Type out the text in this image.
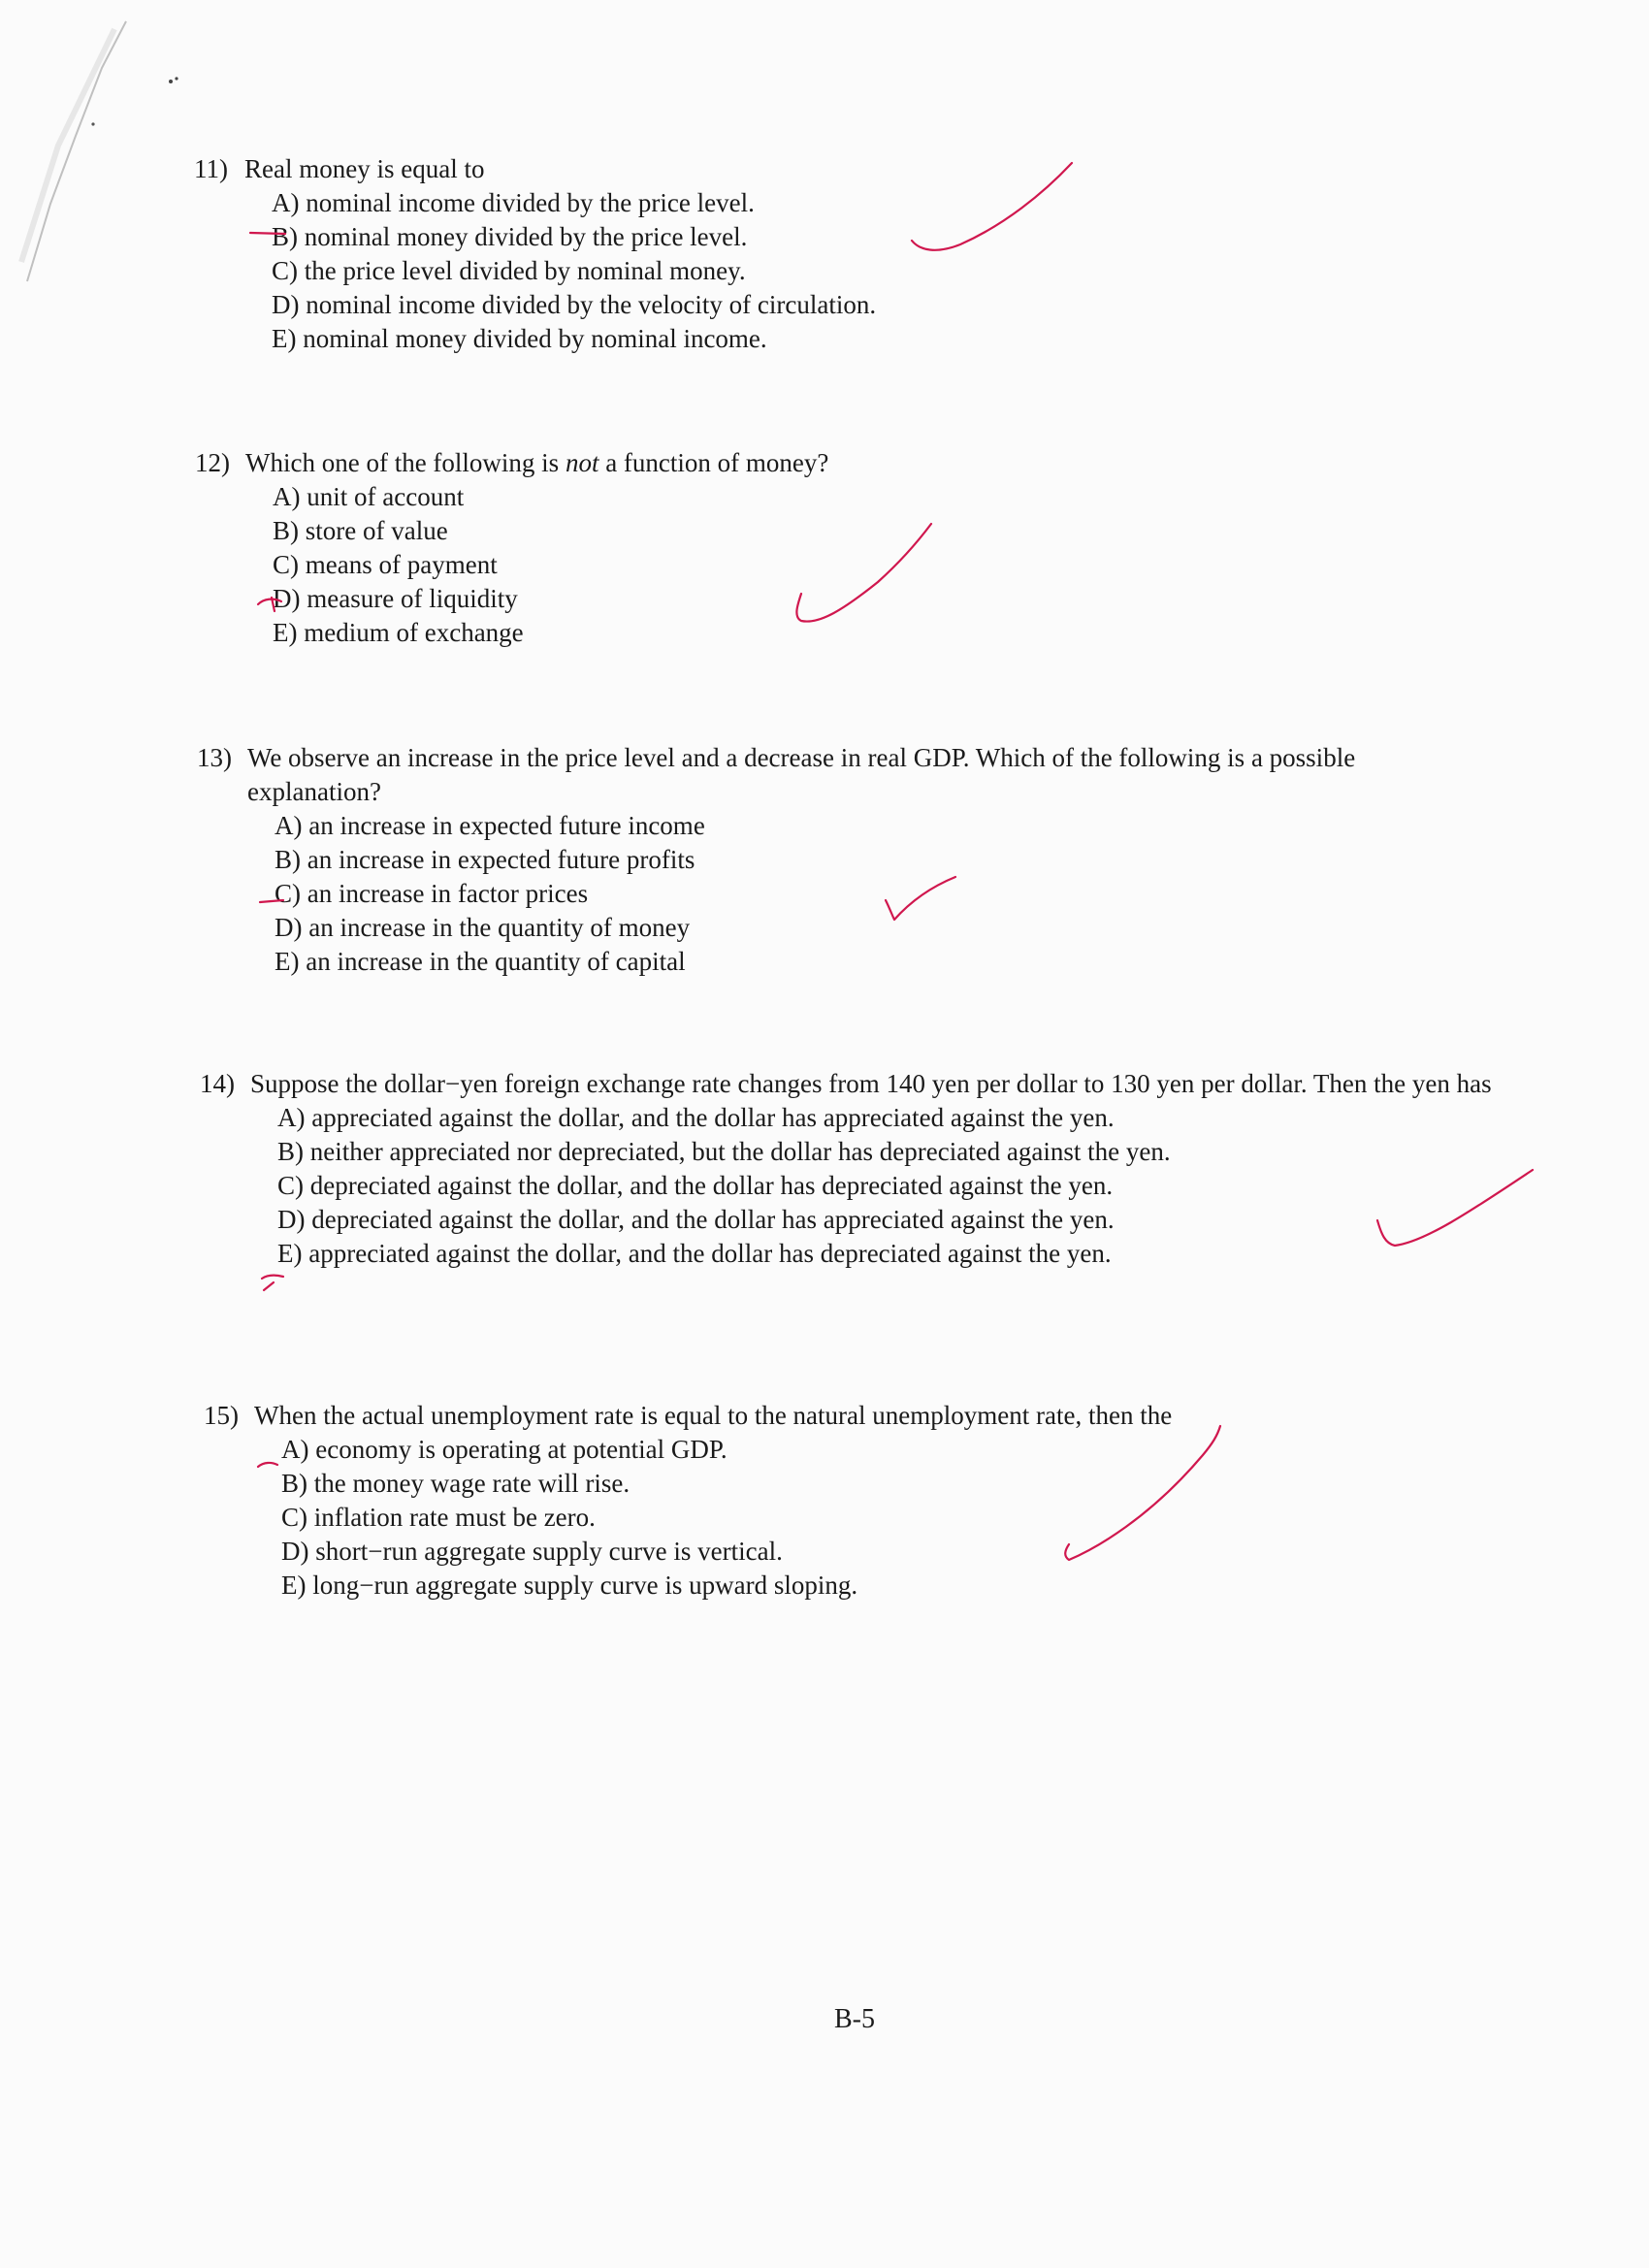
11) Real money is equal to
A ) nominal income divided by the price level.
B ) nominal money divided by the price level.
C ) the price level divided by nominal money.
D ) nominal income divided by the velocity of circulation.
E ) nominal money divided by nominal income.
12) Which one of the following is not a function of money?
A ) unit of account
B ) store of value
C ) means of payment
D ) measure of liquidity
E ) medium of exchange
13) We observe an increase in the price level and a decrease in real GDP. Which of the following is a possible explanation?
A ) an increase in expected future income
B ) an increase in expected future profits
C ) an increase in factor prices
D ) an increase in the quantity of money
E ) an increase in the quantity of capital
14) Suppose the dollar−yen foreign exchange rate changes from 140 yen per dollar to 130 yen per dollar. Then the yen has
A ) appreciated against the dollar, and the dollar has appreciated against the yen.
B ) neither appreciated nor depreciated, but the dollar has depreciated against the yen.
C ) depreciated against the dollar, and the dollar has depreciated against the yen.
D ) depreciated against the dollar, and the dollar has appreciated against the yen.
E ) appreciated against the dollar, and the dollar has depreciated against the yen.
15) When the actual unemployment rate is equal to the natural unemployment rate, then the
A ) economy is operating at potential GDP.
B ) the money wage rate will rise.
C ) inflation rate must be zero.
D ) short−run aggregate supply curve is vertical.
E ) long−run aggregate supply curve is upward sloping.
B-5
